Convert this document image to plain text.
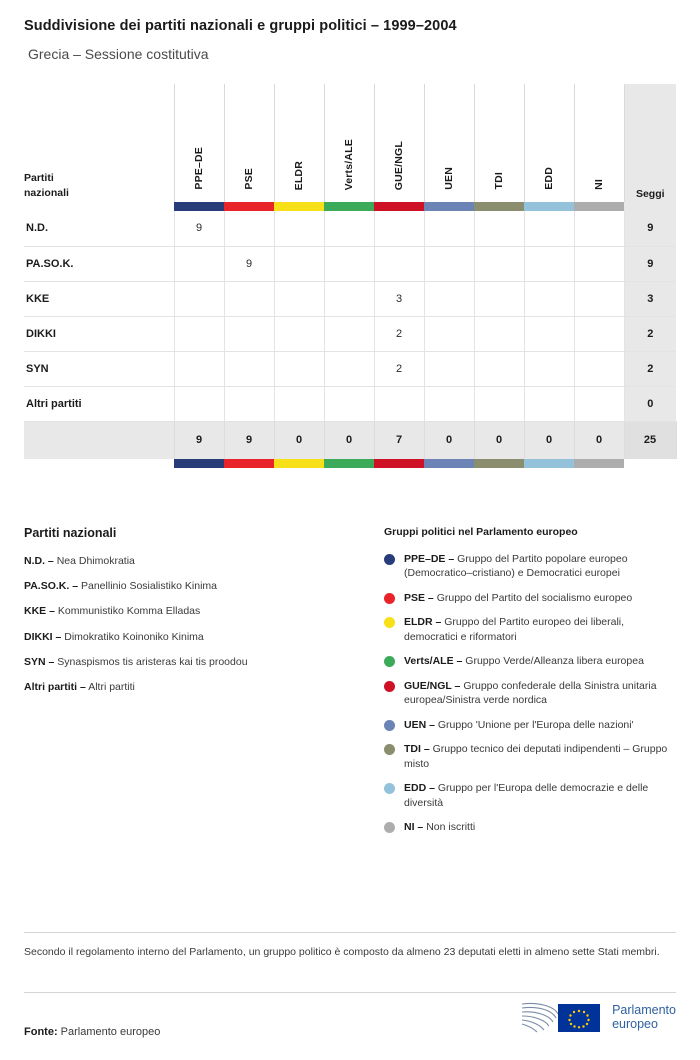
Suddivisione dei partiti nazionali e gruppi politici – 1999–2004
Grecia – Sessione costitutiva
Partiti
nazionali	PPE–DE	PSE	ELDR	Verts/ALE	GUE/NGL	UEN	TDI	EDD	NI	Seggi

N.D.	9									9
PA.SO.K.		9								9
KKE					3					3
DIKKI					2					2
SYN					2					2
Altri partiti										0
	9	9	0	0	7	0	0	0	0	25

Partiti nazionali
N.D. – Nea Dhimokratia
PA.SO.K. – Panellinio Sosialistiko Kinima
KKE – Kommunistiko Komma Elladas
DIKKI – Dimokratiko Koinoniko Kinima
SYN – Synaspismos tis aristeras kai tis proodou
Altri partiti – Altri partiti
Gruppi politici nel Parlamento europeo
PPE–DE – Gruppo del Partito popolare europeo (Democratico–cristiano) e Democratici europei
PSE – Gruppo del Partito del socialismo europeo
ELDR – Gruppo del Partito europeo dei liberali, democratici e riformatori
Verts/ALE – Gruppo Verde/Alleanza libera europea
GUE/NGL – Gruppo confederale della Sinistra unitaria europea/Sinistra verde nordica
UEN – Gruppo 'Unione per l'Europa delle nazioni'
TDI – Gruppo tecnico dei deputati indipendenti – Gruppo misto
EDD – Gruppo per l'Europa delle democrazie e delle diversità
NI – Non iscritti
Secondo il regolamento interno del Parlamento, un gruppo politico è composto da almeno 23 deputati eletti in almeno sette Stati membri.
Fonte: Parlamento europeo
Parlamento
europeo
